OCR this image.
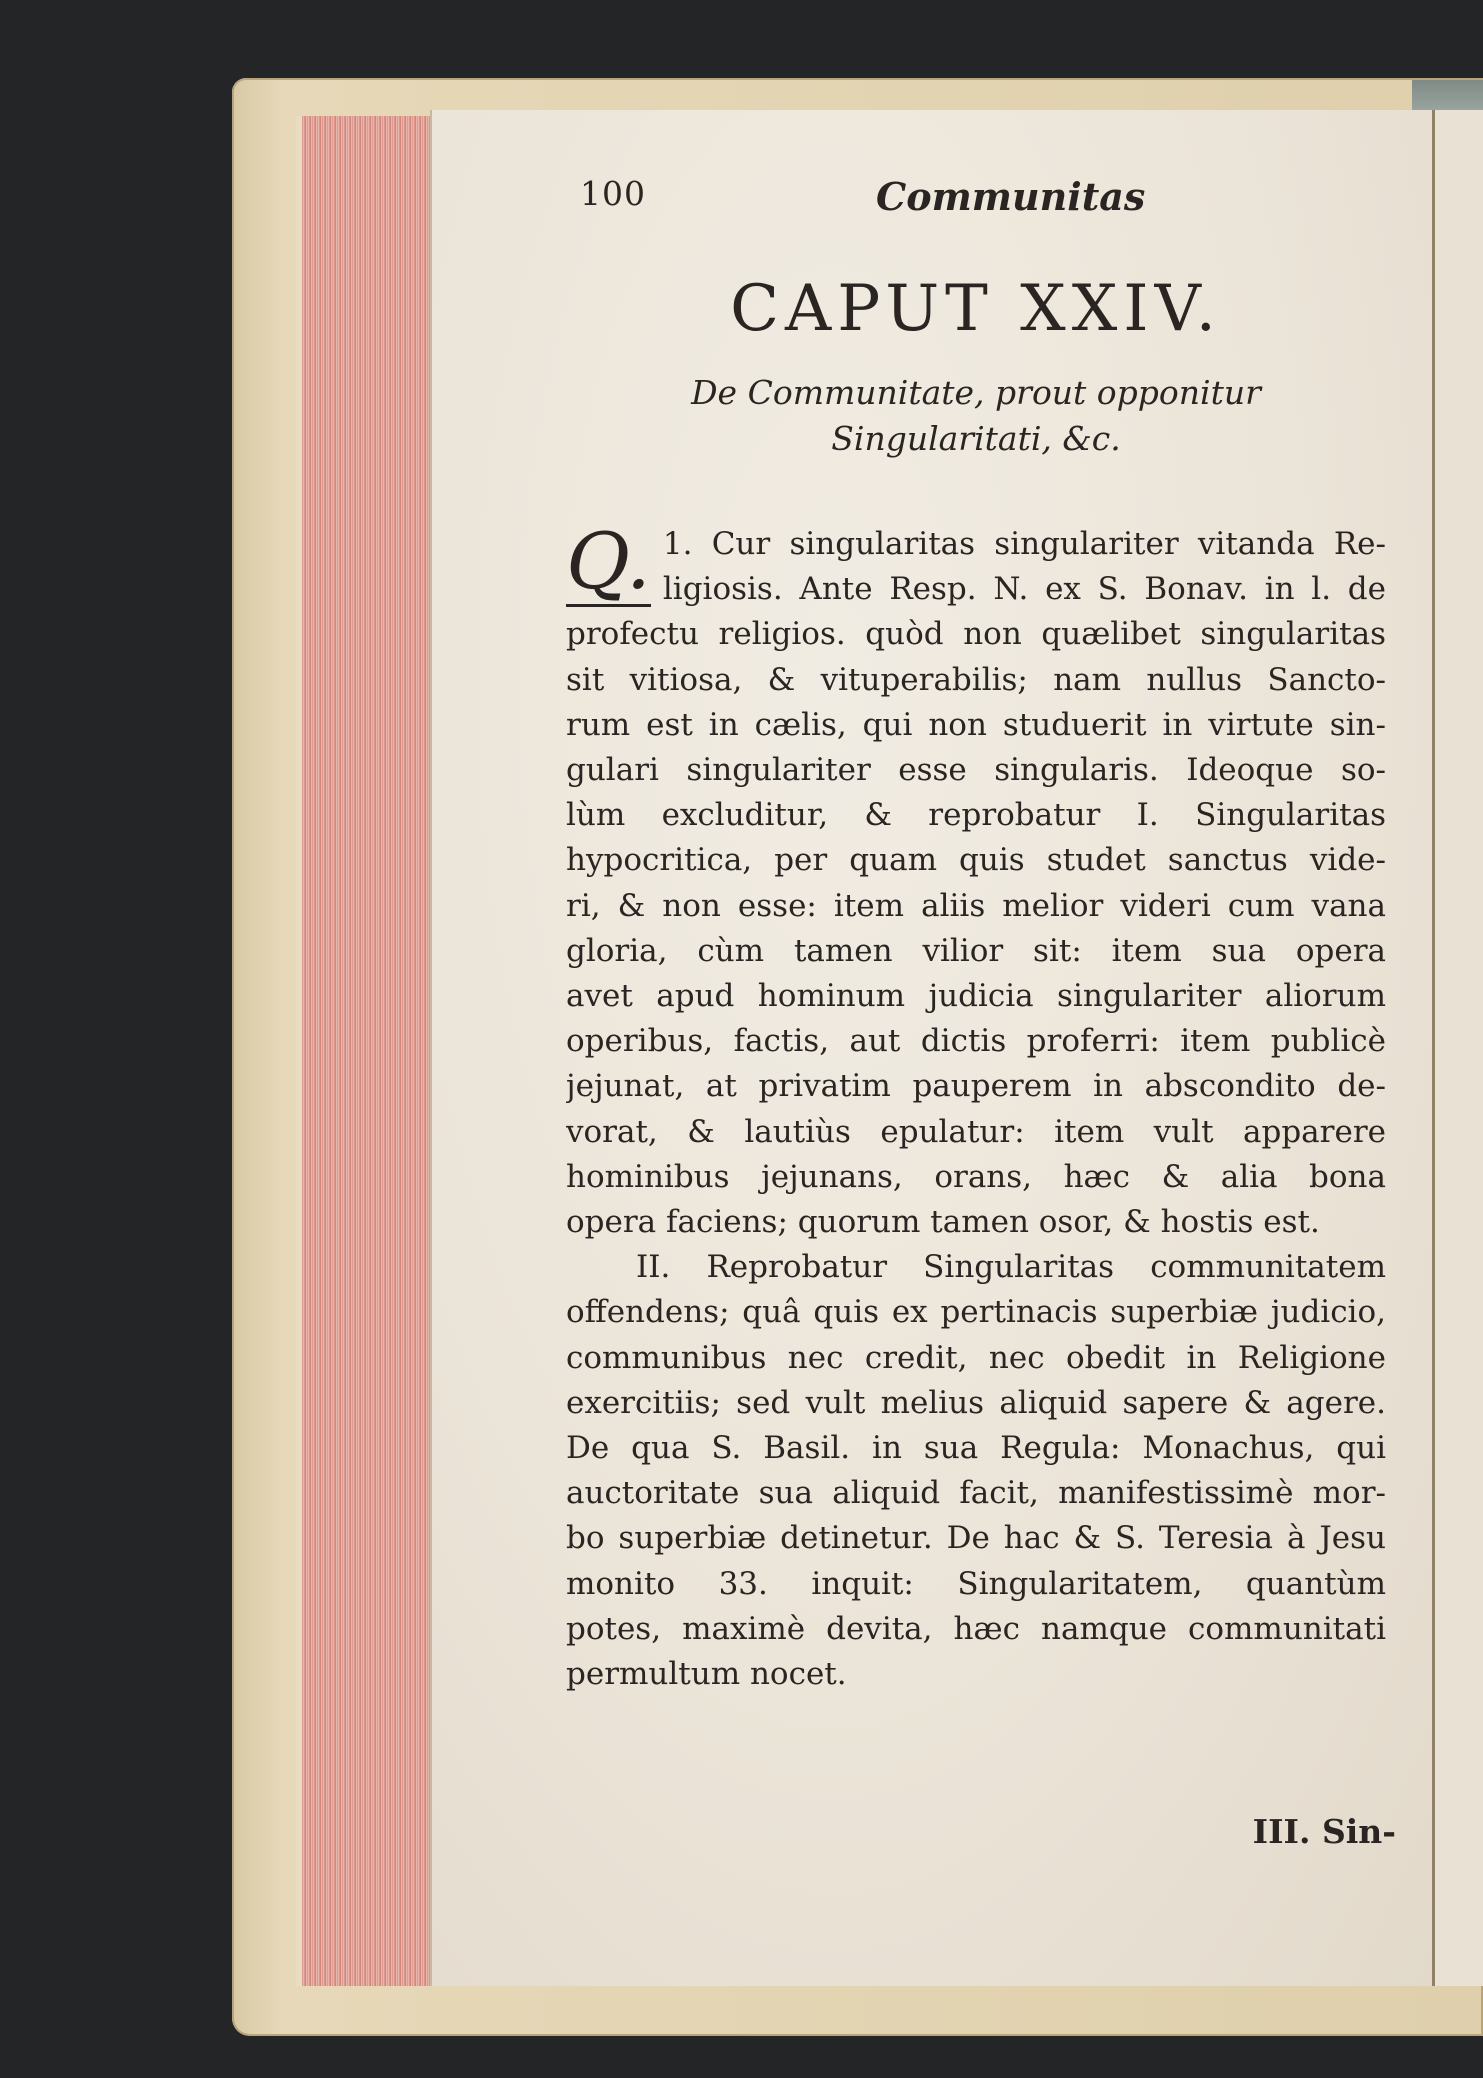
100	Communitas
CAPUT XXIV.
De Communitate, prout opponitur
Singularitati, &c.
Q. 1. Cur singularitas singulariter vitanda Re-
ligiosis. Ante Resp. N. ex S. Bonav. in l. de
profectu religios. quòd non quælibet singularitas
sit vitiosa, & vituperabilis; nam nullus Sancto-
rum est in cælis, qui non studuerit in virtute sin-
gulari singulariter esse singularis. Ideoque so-
lùm excluditur, & reprobatur I. Singularitas
hypocritica, per quam quis studet sanctus vide-
ri, & non esse: item aliis melior videri cum vana
gloria, cùm tamen vilior sit: item sua opera
avet apud hominum judicia singulariter aliorum
operibus, factis, aut dictis proferri: item publicè
jejunat, at privatim pauperem in abscondito de-
vorat, & lautiùs epulatur: item vult apparere
hominibus jejunans, orans, hæc & alia bona
opera faciens; quorum tamen osor, & hostis est.
II. Reprobatur Singularitas communitatem
offendens; quâ quis ex pertinacis superbiæ judicio,
communibus nec credit, nec obedit in Religione
exercitiis; sed vult melius aliquid sapere & agere.
De qua S. Basil. in sua Regula: Monachus, qui
auctoritate sua aliquid facit, manifestissimè mor-
bo superbiæ detinetur. De hac & S. Teresia à Jesu
monito 33. inquit: Singularitatem, quantùm
potes, maximè devita, hæc namque communitati
permultum nocet.
III. Sin-
